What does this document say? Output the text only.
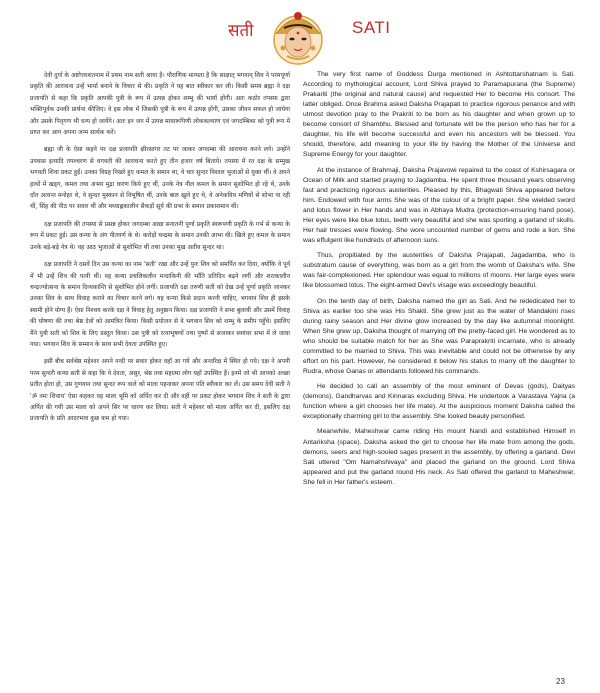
सती	SATI

देवी दुर्गा के अष्टोत्तरशतनाम में प्रथम नाम सती आया है। पौराणिक मान्यता है कि साक्षात् भगवान् शिव ने परमपूर्णा प्रकृति की आराधना उन्हें भार्या बनाने के विचार से की। प्रकृति ने यह बात स्वीकार कर ली। किसी समय ब्रह्मा ने दक्ष प्रजापति से कहा कि प्रकृति आपकी पुत्री के रूप में उत्पन्न होकर शम्भु की भार्या होंगी। अतः कठोर तपस्या द्वारा भक्तिपूर्वक उनकी प्रार्थना कीजिए। वे इस लोक में जिसकी पुत्री के रूप में उत्पन्न होंगी, उसका जीवन सफल हो जायेगा और उसके पितृगण भी धन्य हो जायेंगे। अतः इन जग में उत्पन्न मायारूपिणी लोककल्याण एवं जगदम्बिका को पुत्री रूप में प्राप्त कर आप अपना जन्म सार्थक करें।

ब्रह्मा जी के ऐसा कहने पर दक्ष प्रजापति क्षीरसागर तट पर जाकर जगदम्बा की आराधना करने लगे। उन्होंने उपवास इत्यादि तपश्चरण से धगवती की आराधना करते हुए तीन हजार वर्ष बिताये। तपस्या में रत दक्ष के सम्मुख भगवती शिवा प्रकट हुईं। उनका विग्रह निखरे हुए कमल के समान था, वे चार सुन्दर विशाल भुजाओं से युक्त थीं। वे अपने हाथों में खड्ग, कमल तथा अभय मुद्रा धारण किये हुए थीं, उनके नेत्र नील कमल के समान सुशोभित हो रहे थे, उनके दाँत अत्यन्त मनोहर थे, वे सुन्दर मुस्कान से विभूषित थीं, उनके बाल खुले हुए थे, वे अनेकविध मणियों से शोभा पा रही थीं, सिंह की पीठ पर सवार थीं और मध्याह्नकालीन सैकड़ों सूर्य की प्रभा के समान प्रकाशमान थीं।

दक्ष प्रजापति की तपस्या से प्रसन्न होकर जगदम्बा आद्या सनातनी पूर्णा प्रकृति स्वरूपणी प्रकृति के गर्भ से कन्या के रूप में प्रकट हुई। उस कन्या के अंग पीतवर्ण के थे। करोड़ों चन्द्रमा के समान उनकी आभा थी। खिले हुए कमल के समान उनके बड़े-बड़े नेत्र थे। वह आठ भुजाओं से सुशोभित थीं तथा उनका मुख अतीव सुन्दर था।

दक्ष प्रजापति ने दसवें दिन उस कन्या का नाम 'सती' रखा और उन्हें पुनः शिव को समर्पित कर दिया, क्योंकि वे पूर्व में भी उन्हें शिव की पत्नी थीं। वह कन्या प्रचलिकलीन मन्दाकिनी की भाँति प्रतिदिन बढ़ने लगीं और शरत्कालीन चन्द्रज्योत्सना के समान दिव्यकान्ति से सुशोभित होने लगीं। प्रजापति दक्ष तरुणी सती को देख उन्हें पूर्णा प्रकृति जानकर उनका शिव के साथ विवाह कराने का विचार करने लगे। यह कन्या किसे प्रदान करनी चाहिए, भगवान शिव ही इसके स्वामी होने योग्य हैं। ऐसा निश्चय करके दक्ष ने विवाह हेतु अनुष्ठान किया। दक्ष प्रजापति ने सभा बुलायी और उसमें विवाह की घोषणा की तथा श्रेष्ठ देवों को आमंत्रित किया। किसी प्रयोजन से वे भगवान शिव को शम्भु के समीप पहुँचे। इसलिए मैंने पुत्री सती को शिव के लिए प्रस्तुत किया। उस पुत्री को रत्नाभूषणों तथा पुष्पों से सजाकर स्वयंवर सभा में ले जाया गया। भगवान शिव के सम्मान के साथ सभी देवता उपस्थित हुए।

इसी बीच सर्वश्रेष्ठ महेश्वर अपने नन्दी पर सवार होकर वहाँ आ गये और अन्तरिक्ष में स्थित हो गये। दक्ष ने अपनी परम सुन्दरी कन्या सती से कहा कि वे देवता, असुर, श्रेष्ठ तथा महात्मा लोग यहाँ उपस्थित हैं। इनमें जो भी आपको अच्छा प्रतीत होता हो, उस गुणवान तथा सुन्दर रूप वाले को माला पहनाकर अपना पति स्वीकार कर लें। उस समय देवी सती ने 'ॐ नमः शिवाय' ऐसा कहकर वह माला भूमि को अर्पित कर दी और वहीं पर प्रकट होकर भगवान शिव ने सती के द्वारा अर्पित की गयी उस माला को अपने सिर पर धारण कर लिया। सती ने महेश्वर को माला अर्पित कर दी, इसलिए दक्ष प्रजापति के प्रति आदरभाव कुछ कम हो गया।

The very first name of Goddess Durga mentioned in Ashtottarshatnam is Sati. According to mythological account, Lord Shiva prayed to Paramapurana (the Supreme) Prakariti (the original and natural cause) and requested Her to become His consort. The latter obliged. Once Brahma asked Daksha Prajapati to practice rigorous penance and with utmost devotion pray to the Prakriti to be born as his daughter and when grown up to become consort of Shambhu. Blessed and fortunate will be the person who has her for a daughter, his life will become successful and even his ancestors will be blessed. You should, therefore, add meaning to your life by having the Mother of the Universe and Supreme Energy for your daughter.

At the instance of Brahmaji, Daksha Prajavowi repaired to the coast of Kshirsagara or Ocean of Milk and started praying to Jagdamba. He spent three thousand years observing fast and practicing rigorous austerities. Pleased by this, Bhagwati Shiva appeared before him. Endowed with four arms She was of the colour of a bright paper. She wielded sword and lotus flower in Her hands and was in Abhaya Mudra (protection-ensuring hand pose). Her eyes were like blue lotus, teeth very beautiful and she was sporting a garland of skulls. Her hair tresses were flowing. She wore uncounted number of gems and rode a lion. She was effulgent like hundreds of afternoon suns.

Thus, propitiated by the austerities of Daksha Prajapati, Jagadamba, who is substratum cause of everything, was born as a girl from the womb of Daksha's wife. She was fair-complexioned. Her splendour was equal to millions of moons. Her large eyes were like blossomed lotus. The eight-armed Devi's visage was exceedingly beautiful.

On the tenth day of birth, Daksha named the girl as Sati. And he rededicated her to Shiva as earlier too she was His Shakti. She grew just as the water of Mandakini rises during rainy season and Her divine glow increased by the day like autumnal moonlight. When She grew up, Daksha thought of marrying off the pretty-faced girl. He wondered as to who should be suitable match for her as She was Paraprakriti incarnate, who is already committed to be married to Shiva. This was inevitable and could not be otherwise by any effort on his part. However, he considered it below his status to marry off the daughter to Rudra, whose Ganas or attendants followed his commands.

He decided to call an assembly of the most eminent of Devas (gods), Daityas (demons), Gandharvas and Kinnaras excluding Shiva. He undertook a Varastava Yajna (a function where a girl chooses her life mate). At the auspicious moment Daksha called the exceptionally charming girl to the assembly. She looked beauty personified.

Meanwhile, Maheshwar came riding His mount Nandi and established Himself in Antariksha (space). Daksha asked the girl to choose her life mate from among the gods, demons, seers and high-souled sages present in the assembly, by offering a garland. Devi Sati uttered "Om Namahshivaya" and placed the garland on the ground. Lord Shiva appeared and put the garland round His neck. As Sati offered the garland to Maheshwar, She fell in Her father's esteem.

23
